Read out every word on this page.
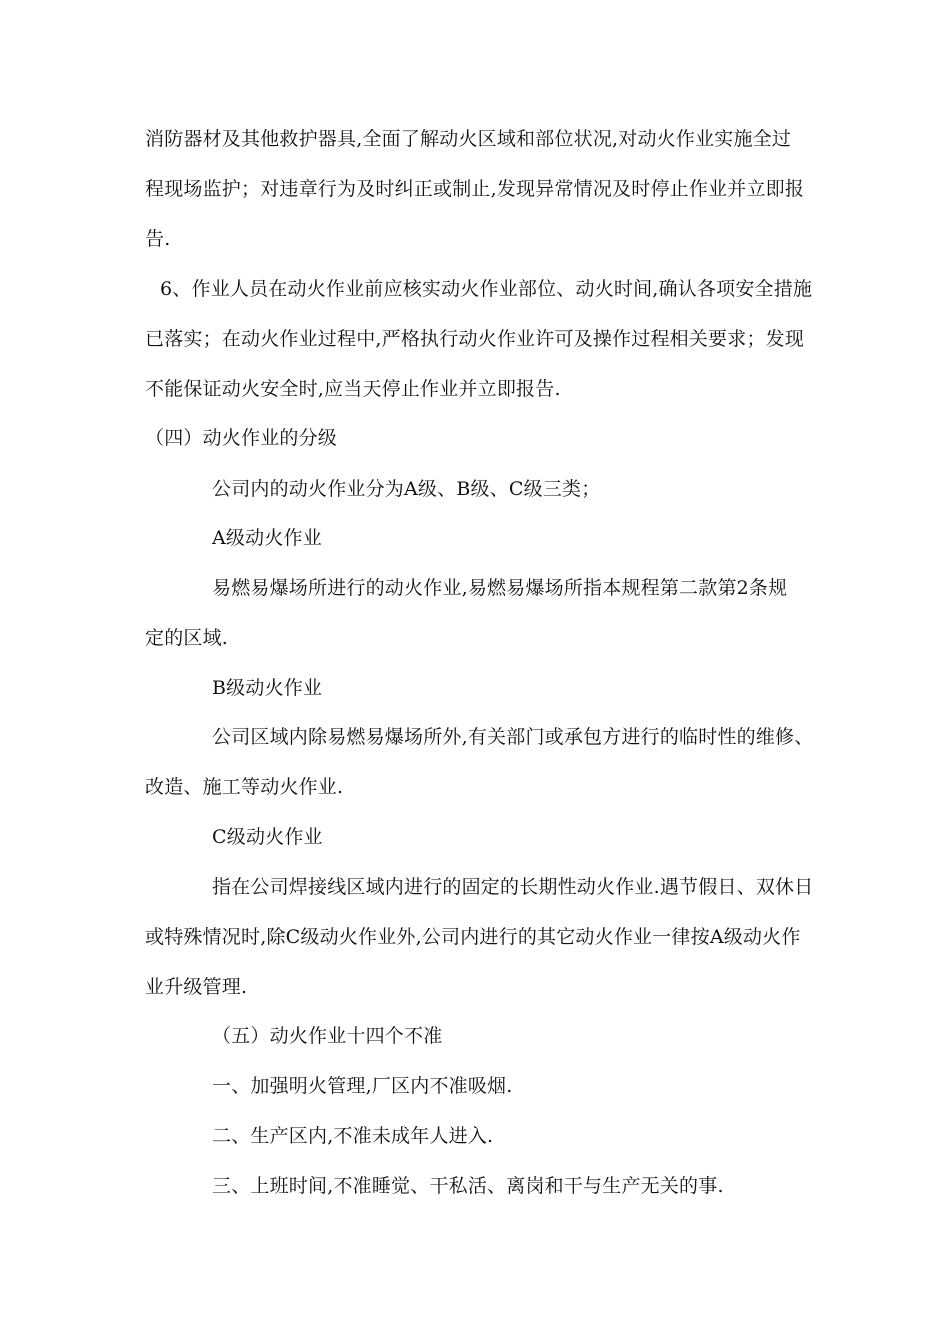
消防器材及其他救护器具,全面了解动火区域和部位状况,对动火作业实施全过
程现场监护；对违章行为及时纠正或制止,发现异常情况及时停止作业并立即报
告.
6、作业人员在动火作业前应核实动火作业部位、动火时间,确认各项安全措施
已落实；在动火作业过程中,严格执行动火作业许可及操作过程相关要求；发现
不能保证动火安全时,应当天停止作业并立即报告.
（四）动火作业的分级
公司内的动火作业分为A级、B级、C级三类；
A级动火作业
易燃易爆场所进行的动火作业,易燃易爆场所指本规程第二款第2条规
定的区域.
B级动火作业
公司区域内除易燃易爆场所外,有关部门或承包方进行的临时性的维修、
改造、施工等动火作业.
C级动火作业
指在公司焊接线区域内进行的固定的长期性动火作业.遇节假日、双休日
或特殊情况时,除C级动火作业外,公司内进行的其它动火作业一律按A级动火作
业升级管理.
（五）动火作业十四个不准
一、加强明火管理,厂区内不准吸烟.
二、生产区内,不准未成年人进入.
三、上班时间,不准睡觉、干私活、离岗和干与生产无关的事.
